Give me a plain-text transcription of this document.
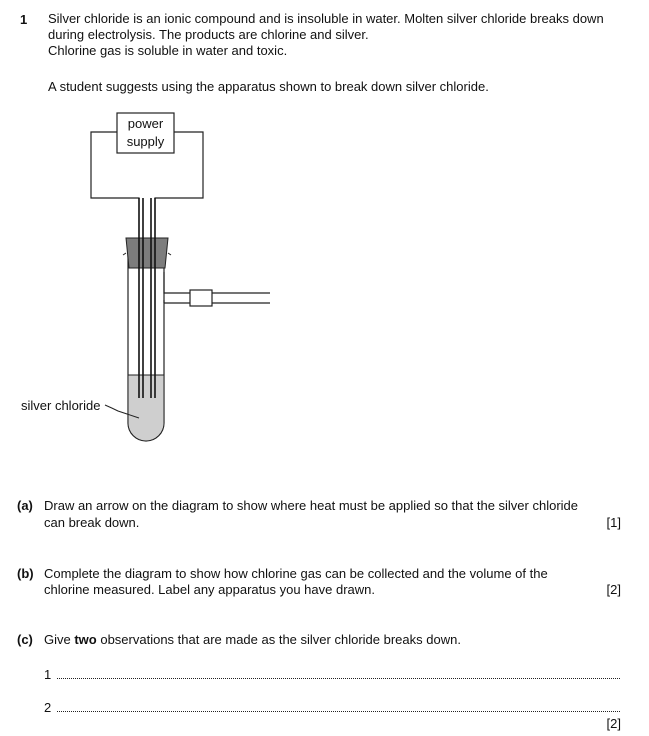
1 Silver chloride is an ionic compound and is insoluble in water. Molten silver chloride breaks down
during electrolysis. The products are chlorine and silver.
Chlorine gas is soluble in water and toxic.
A student suggests using the apparatus shown to break down silver chloride.
power
supply
silver chloride
(a) Draw an arrow on the diagram to show where heat must be applied so that the silver chloride
can break down.	[1]
(b) Complete the diagram to show how chlorine gas can be collected and the volume of the
chlorine measured. Label any apparatus you have drawn.	[2]
(c) Give two observations that are made as the silver chloride breaks down.
1
2
[2]
